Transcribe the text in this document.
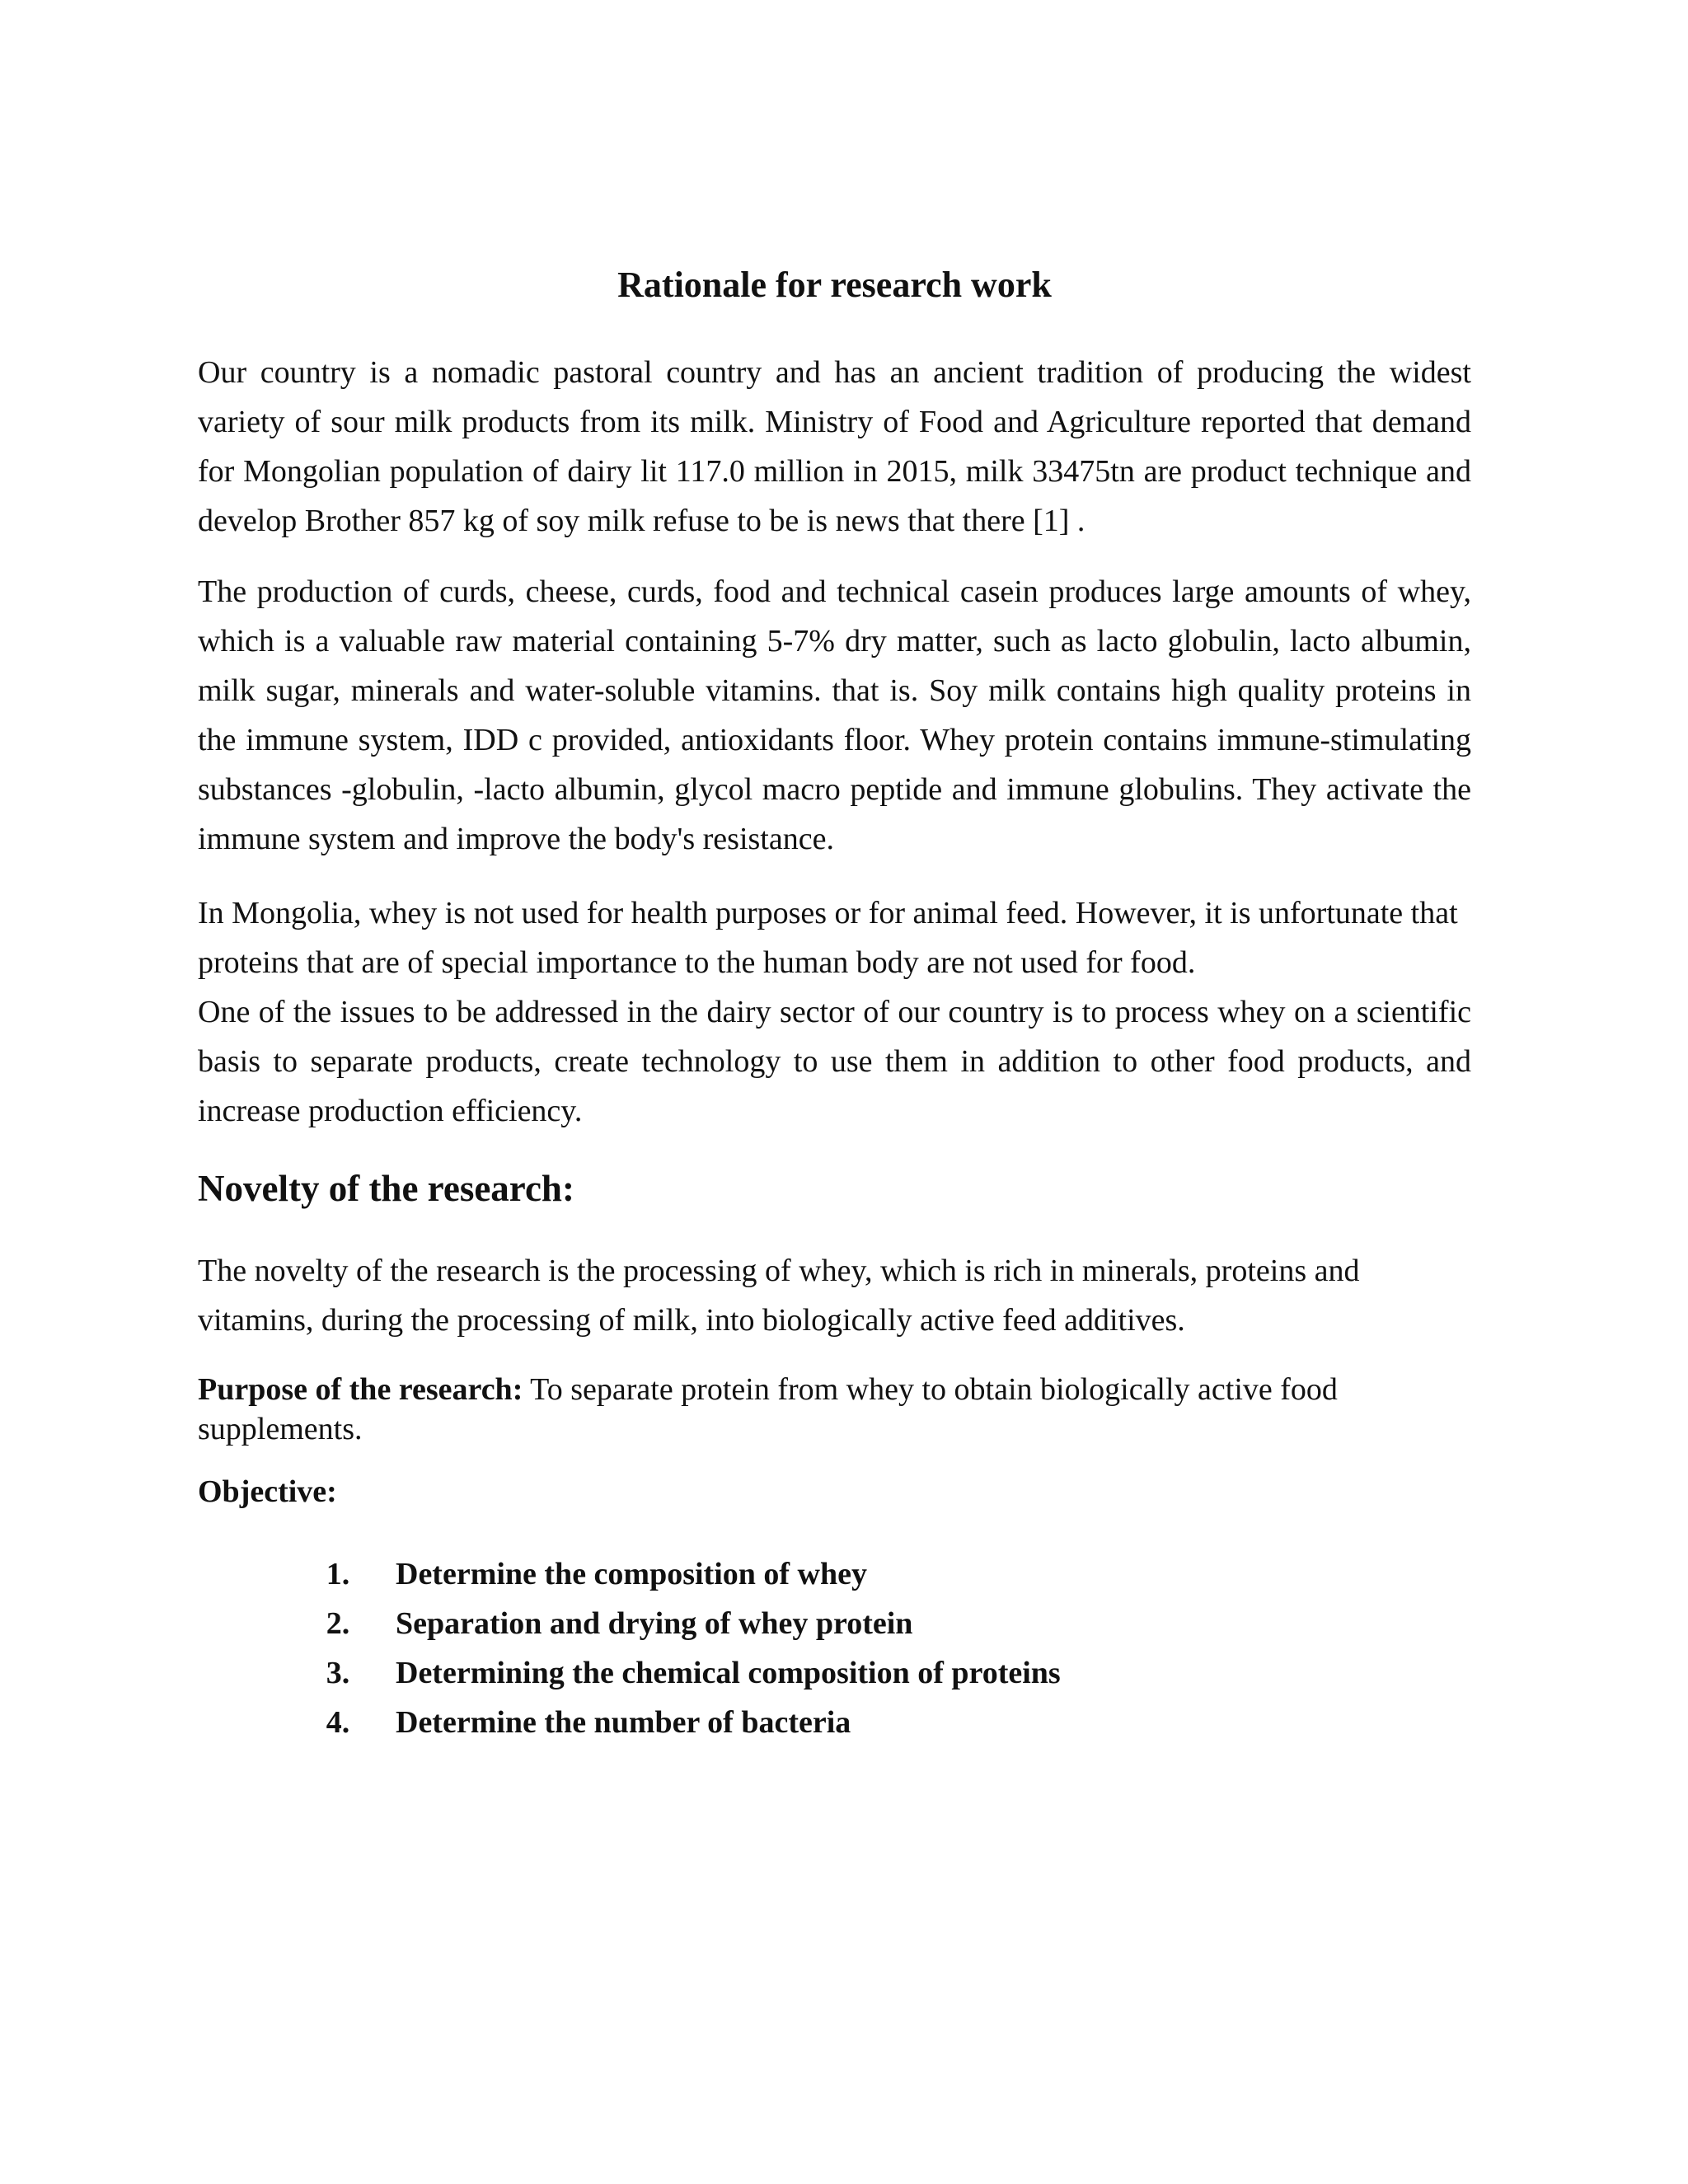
Rationale for research work

Our country is a nomadic pastoral country and has an ancient tradition of producing the widest variety of sour milk products from its milk. Ministry of Food and Agriculture reported that demand for Mongolian population of dairy lit 117.0 million in 2015, milk 33475tn are product technique and develop Brother 857 kg of soy milk refuse to be is news that there [1] .

The production of curds, cheese, curds, food and technical casein produces large amounts of whey, which is a valuable raw material containing 5-7% dry matter, such as lacto globulin, lacto albumin, milk sugar, minerals and water-soluble vitamins. that is. Soy milk contains high quality proteins in the immune system, IDD c provided, antioxidants floor. Whey protein contains immune-stimulating substances -globulin, -lacto albumin, glycol macro peptide and immune globulins. They activate the immune system and improve the body's resistance.

In Mongolia, whey is not used for health purposes or for animal feed. However, it is unfortunate that proteins that are of special importance to the human body are not used for food.

One of the issues to be addressed in the dairy sector of our country is to process whey on a scientific basis to separate products, create technology to use them in addition to other food products, and increase production efficiency.

Novelty of the research:

The novelty of the research is the processing of whey, which is rich in minerals, proteins and vitamins, during the processing of milk, into biologically active feed additives.

Purpose of the research: To separate protein from whey to obtain biologically active food supplements.

Objective:

1.	Determine the composition of whey
2.	Separation and drying of whey protein
3.	Determining the chemical composition of proteins
4.	Determine the number of bacteria
